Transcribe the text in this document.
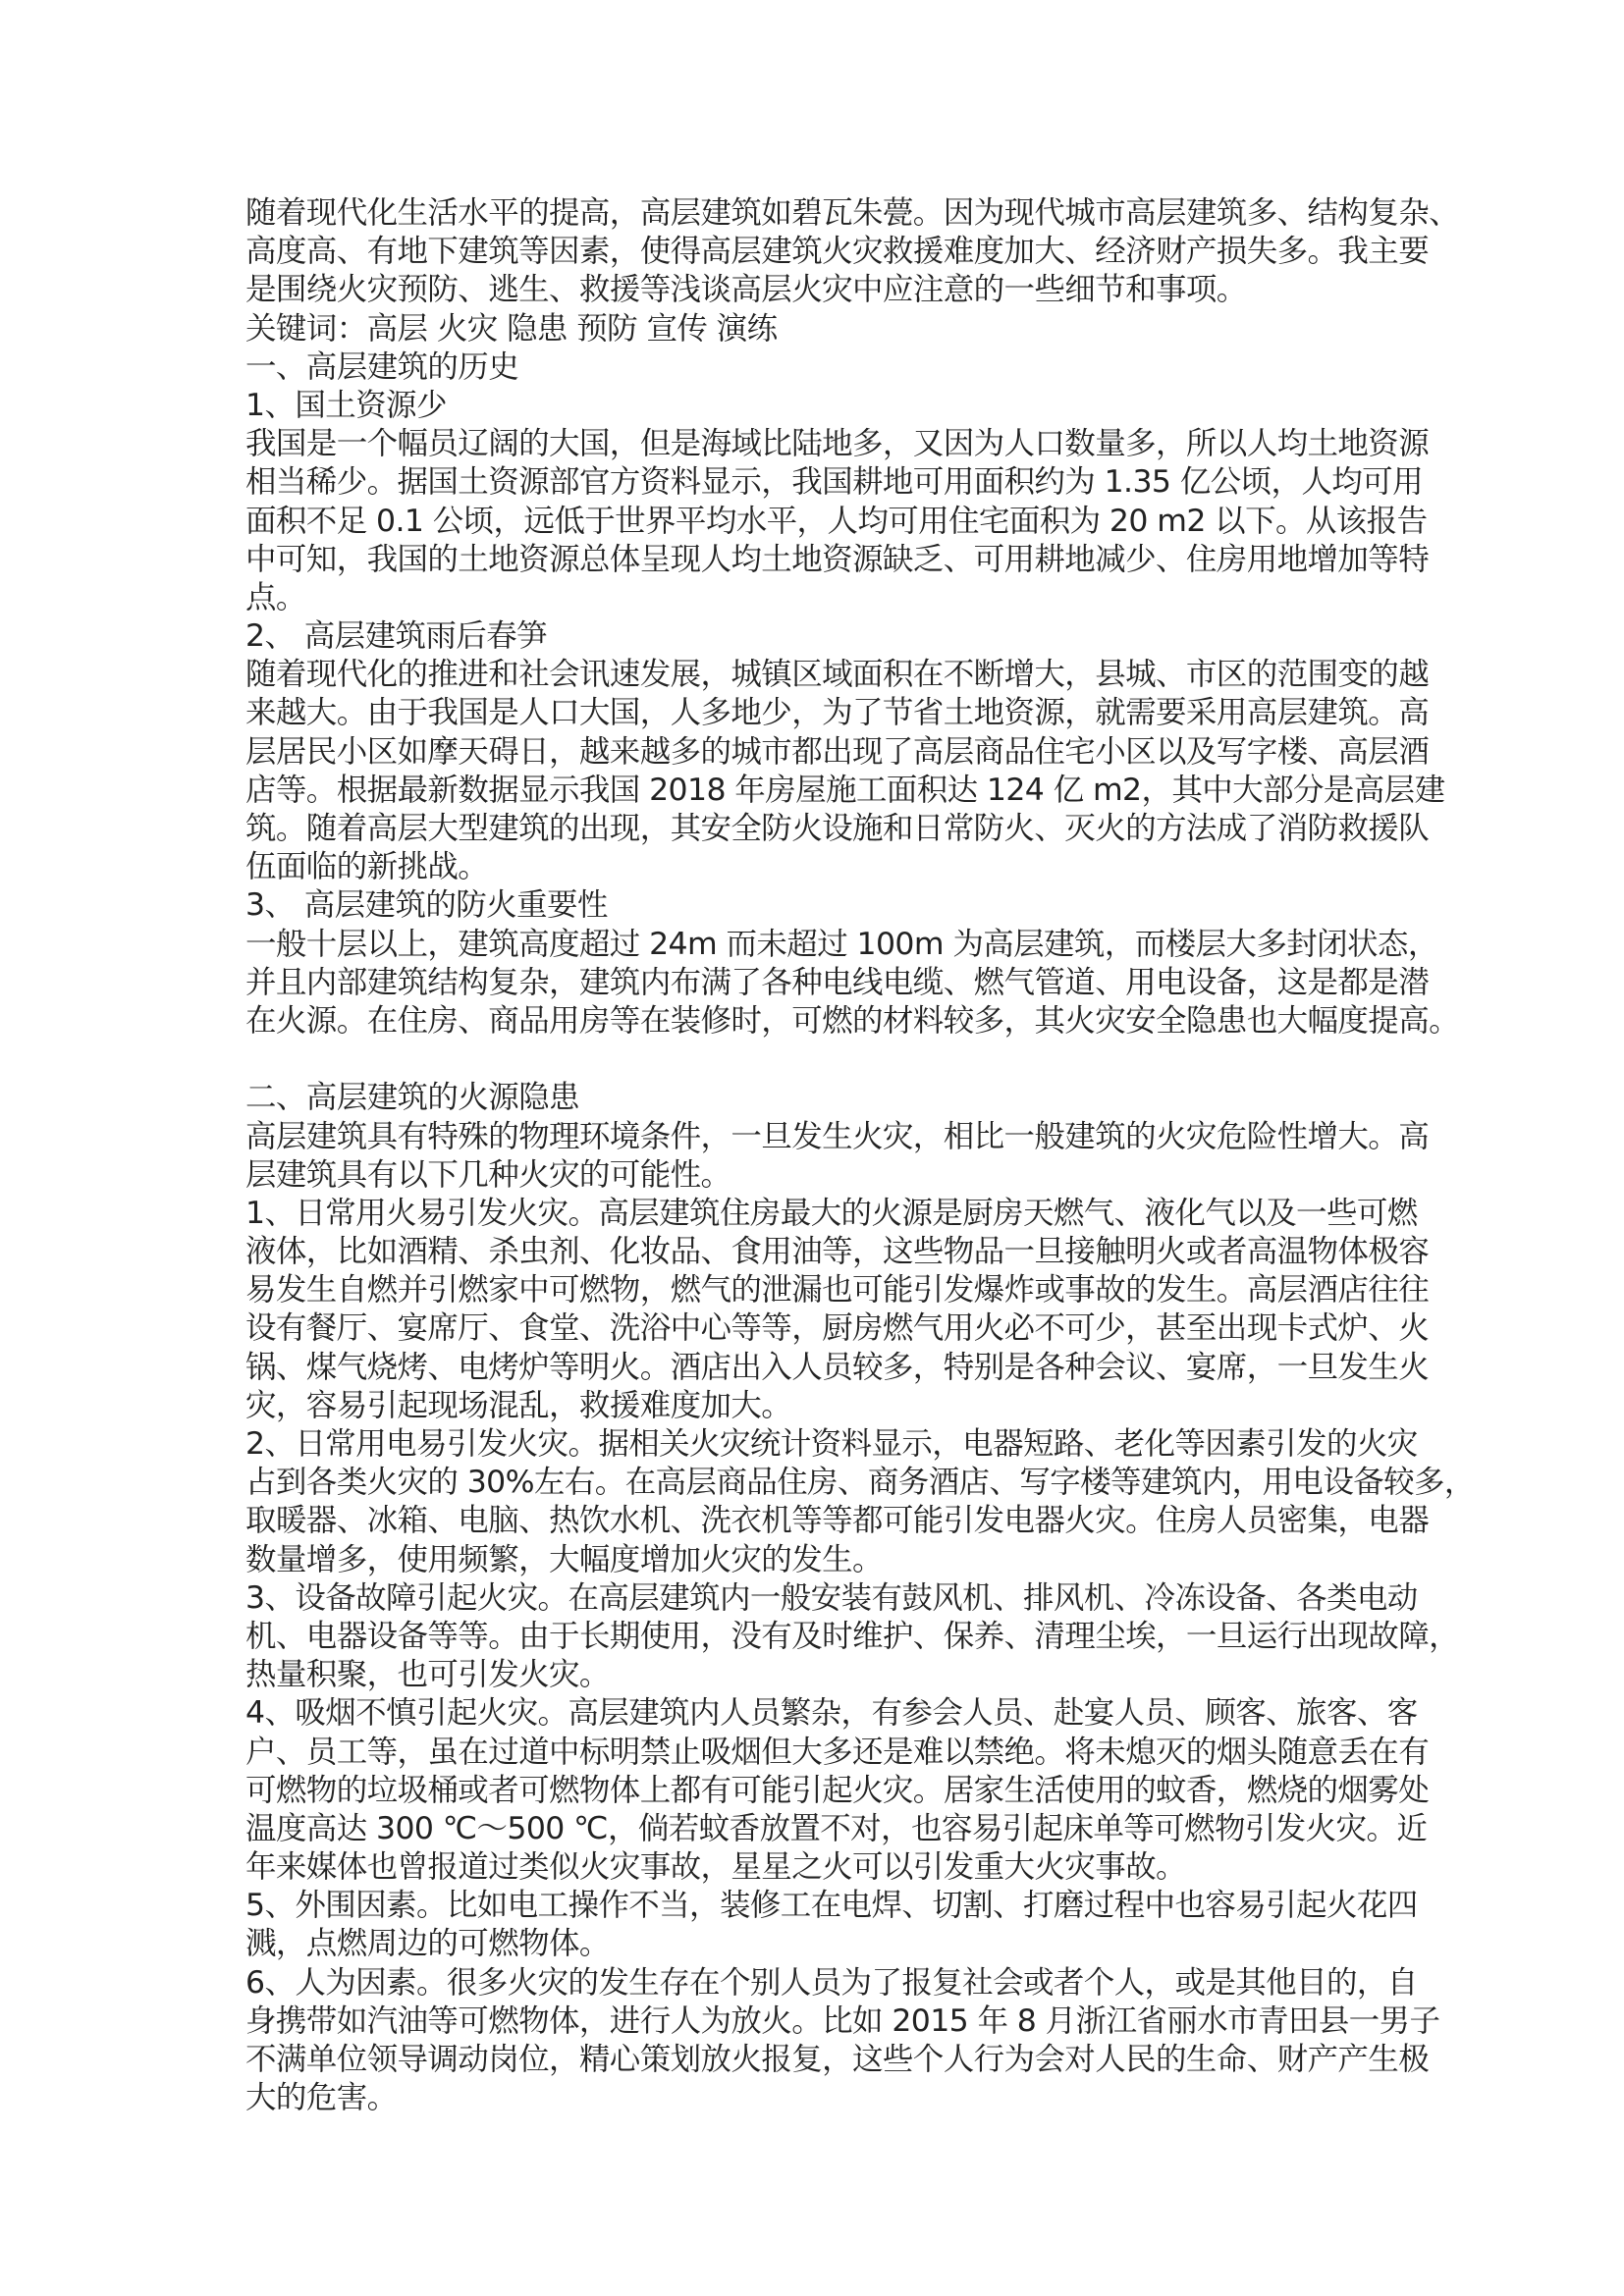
随着现代化生活水平的提高，高层建筑如碧瓦朱甍。因为现代城市高层建筑多、结构复杂、
高度高、有地下建筑等因素，使得高层建筑火灾救援难度加大、经济财产损失多。我主要
是围绕火灾预防、逃生、救援等浅谈高层火灾中应注意的一些细节和事项。
关键词：高层 火灾 隐患 预防 宣传 演练
一、高层建筑的历史
1、国土资源少
我国是一个幅员辽阔的大国，但是海域比陆地多，又因为人口数量多，所以人均土地资源
相当稀少。据国土资源部官方资料显示，我国耕地可用面积约为 1.35 亿公顷，人均可用
面积不足 0.1 公顷，远低于世界平均水平，人均可用住宅面积为 20 m2 以下。从该报告
中可知，我国的土地资源总体呈现人均土地资源缺乏、可用耕地减少、住房用地增加等特
点。
2、 高层建筑雨后春笋
随着现代化的推进和社会讯速发展，城镇区域面积在不断增大，县城、市区的范围变的越
来越大。由于我国是人口大国，人多地少，为了节省土地资源，就需要采用高层建筑。高
层居民小区如摩天碍日，越来越多的城市都出现了高层商品住宅小区以及写字楼、高层酒
店等。根据最新数据显示我国 2018 年房屋施工面积达 124 亿 m2，其中大部分是高层建
筑。随着高层大型建筑的出现，其安全防火设施和日常防火、灭火的方法成了消防救援队
伍面临的新挑战。
3、 高层建筑的防火重要性
一般十层以上，建筑高度超过 24m 而未超过 100m 为高层建筑，而楼层大多封闭状态，
并且内部建筑结构复杂，建筑内布满了各种电线电缆、燃气管道、用电设备，这是都是潜
在火源。在住房、商品用房等在装修时，可燃的材料较多，其火灾安全隐患也大幅度提高。
二、高层建筑的火源隐患
高层建筑具有特殊的物理环境条件，一旦发生火灾，相比一般建筑的火灾危险性增大。高
层建筑具有以下几种火灾的可能性。
1、日常用火易引发火灾。高层建筑住房最大的火源是厨房天燃气、液化气以及一些可燃
液体，比如酒精、杀虫剂、化妆品、食用油等，这些物品一旦接触明火或者高温物体极容
易发生自燃并引燃家中可燃物，燃气的泄漏也可能引发爆炸或事故的发生。高层酒店往往
设有餐厅、宴席厅、食堂、洗浴中心等等，厨房燃气用火必不可少，甚至出现卡式炉、火
锅、煤气烧烤、电烤炉等明火。酒店出入人员较多，特别是各种会议、宴席，一旦发生火
灾，容易引起现场混乱，救援难度加大。
2、日常用电易引发火灾。据相关火灾统计资料显示，电器短路、老化等因素引发的火灾
占到各类火灾的 30%左右。在高层商品住房、商务酒店、写字楼等建筑内，用电设备较多，
取暖器、冰箱、电脑、热饮水机、洗衣机等等都可能引发电器火灾。住房人员密集，电器
数量增多，使用频繁，大幅度增加火灾的发生。
3、设备故障引起火灾。在高层建筑内一般安装有鼓风机、排风机、冷冻设备、各类电动
机、电器设备等等。由于长期使用，没有及时维护、保养、清理尘埃，一旦运行出现故障，
热量积聚，也可引发火灾。
4、吸烟不慎引起火灾。高层建筑内人员繁杂，有参会人员、赴宴人员、顾客、旅客、客
户、员工等，虽在过道中标明禁止吸烟但大多还是难以禁绝。将未熄灭的烟头随意丢在有
可燃物的垃圾桶或者可燃物体上都有可能引起火灾。居家生活使用的蚊香，燃烧的烟雾处
温度高达 300 ℃～500 ℃，倘若蚊香放置不对，也容易引起床单等可燃物引发火灾。近
年来媒体也曾报道过类似火灾事故，星星之火可以引发重大火灾事故。
5、外围因素。比如电工操作不当，装修工在电焊、切割、打磨过程中也容易引起火花四
溅，点燃周边的可燃物体。
6、人为因素。很多火灾的发生存在个别人员为了报复社会或者个人，或是其他目的，自
身携带如汽油等可燃物体，进行人为放火。比如 2015 年 8 月浙江省丽水市青田县一男子
不满单位领导调动岗位，精心策划放火报复，这些个人行为会对人民的生命、财产产生极
大的危害。
